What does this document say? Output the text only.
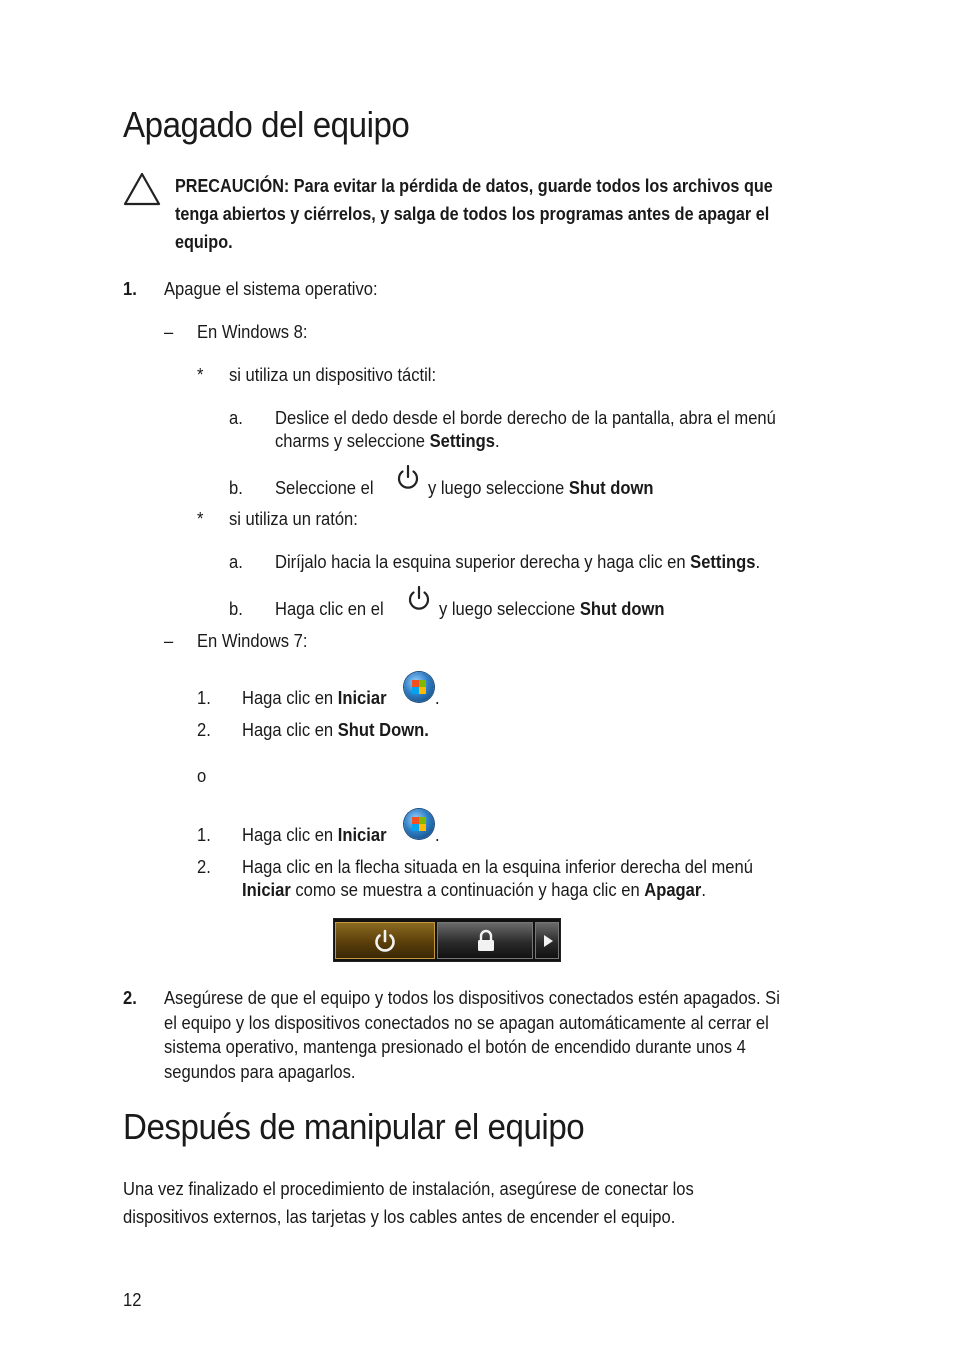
Apagado del equipo
PRECAUCIÓN: Para evitar la pérdida de datos, guarde todos los archivos que
tenga abiertos y ciérrelos, y salga de todos los programas antes de apagar el
equipo.
1. Apague el sistema operativo:
– En Windows 8:
* si utiliza un dispositivo táctil:
a. Deslice el dedo desde el borde derecho de la pantalla, abra el menú
charms y seleccione Settings.
b. Seleccione el	y luego seleccione Shut down
* si utiliza un ratón:
a. Diríjalo hacia la esquina superior derecha y haga clic en Settings.
b. Haga clic en el	y luego seleccione Shut down
– En Windows 7:
1. Haga clic en Iniciar	.
2. Haga clic en Shut Down.
o
1. Haga clic en Iniciar	.
2. Haga clic en la flecha situada en la esquina inferior derecha del menú
Iniciar como se muestra a continuación y haga clic en Apagar.
2. Asegúrese de que el equipo y todos los dispositivos conectados estén apagados. Si
el equipo y los dispositivos conectados no se apagan automáticamente al cerrar el
sistema operativo, mantenga presionado el botón de encendido durante unos 4
segundos para apagarlos.
Después de manipular el equipo
Una vez finalizado el procedimiento de instalación, asegúrese de conectar los
dispositivos externos, las tarjetas y los cables antes de encender el equipo.
12
